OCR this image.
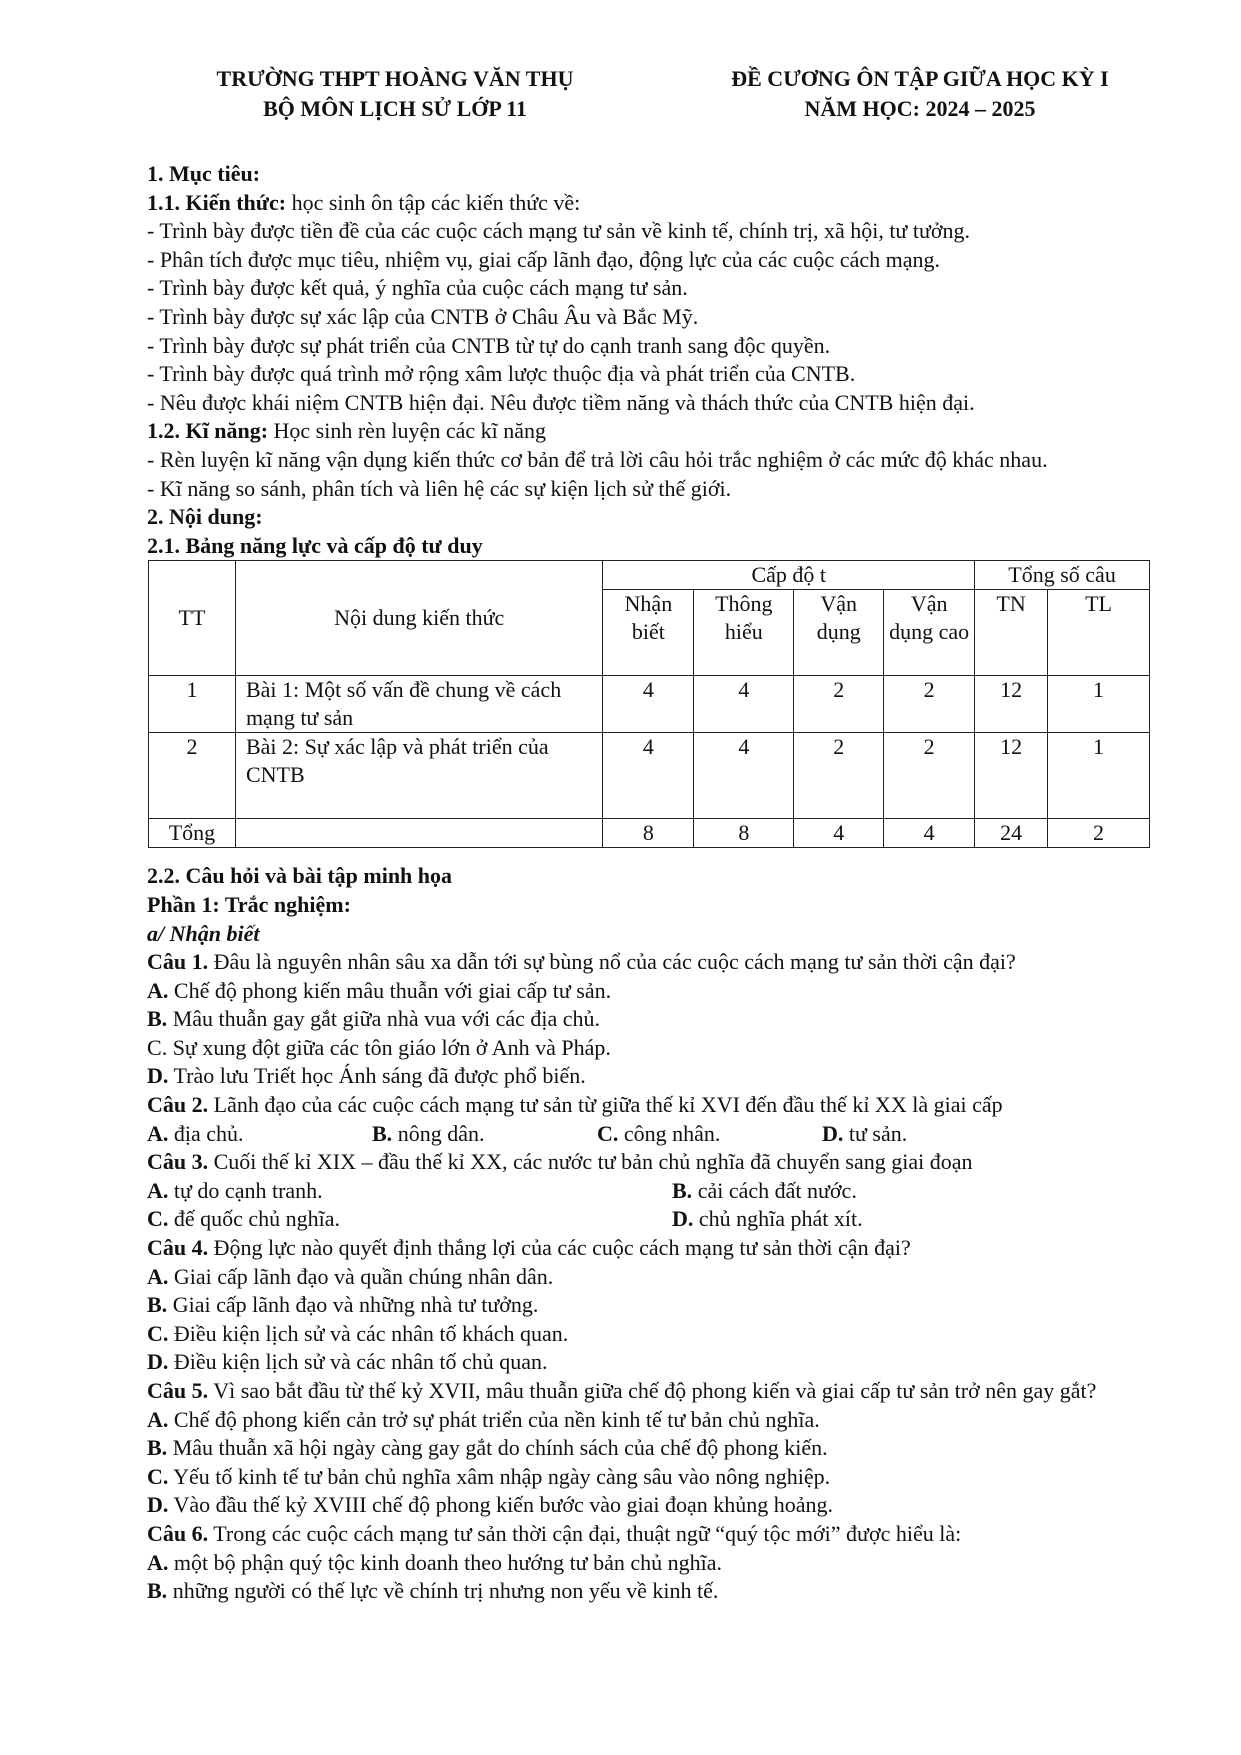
TRƯỜNG THPT HOÀNG VĂN THỤ
BỘ MÔN LỊCH SỬ LỚP 11
ĐỀ CƯƠNG ÔN TẬP GIỮA HỌC KỲ I
NĂM HỌC: 2024 – 2025

1. Mục tiêu:

1.1. Kiến thức: học sinh ôn tập các kiến thức về:

- Trình bày được tiền đề của các cuộc cách mạng tư sản về kinh tế, chính trị, xã hội, tư tưởng.

- Phân tích được mục tiêu, nhiệm vụ, giai cấp lãnh đạo, động lực của các cuộc cách mạng.

- Trình bày được kết quả, ý nghĩa của cuộc cách mạng tư sản.

- Trình bày được sự xác lập của CNTB ở Châu Âu và Bắc Mỹ.

- Trình bày được sự phát triển của CNTB từ tự do cạnh tranh sang độc quyền.

- Trình bày được quá trình mở rộng xâm lược thuộc địa và phát triển của CNTB.

- Nêu được khái niệm CNTB hiện đại. Nêu được tiềm năng và thách thức của CNTB hiện đại.

1.2. Kĩ năng: Học sinh rèn luyện các kĩ năng

- Rèn luyện kĩ năng vận dụng kiến thức cơ bản để trả lời câu hỏi trắc nghiệm ở các mức độ khác nhau.

- Kĩ năng so sánh, phân tích và liên hệ các sự kiện lịch sử thế giới.

2. Nội dung:

2.1. Bảng năng lực và cấp độ tư duy

TT	Nội dung kiến thức	Cấp độ t				Tổng số câu	
		Nhận biết	Thông hiểu	Vận dụng	Vận dụng cao	TN	TL
1	Bài 1: Một số vấn đề chung về cách mạng tư sản	4	4	2	2	12	1
2	Bài 2: Sự xác lập và phát triển của CNTB	4	4	2	2	12	1
Tổng		8	8	4	4	24	2

2.2. Câu hỏi và bài tập minh họa

Phần 1: Trắc nghiệm:

a/ Nhận biết

Câu 1. Đâu là nguyên nhân sâu xa dẫn tới sự bùng nổ của các cuộc cách mạng tư sản thời cận đại?

A. Chế độ phong kiến mâu thuẫn với giai cấp tư sản.

B. Mâu thuẫn gay gắt giữa nhà vua với các địa chủ.

C. Sự xung đột giữa các tôn giáo lớn ở Anh và Pháp.

D. Trào lưu Triết học Ánh sáng đã được phổ biến.

Câu 2. Lãnh đạo của các cuộc cách mạng tư sản từ giữa thế kỉ XVI đến đầu thế kỉ XX là giai cấp

A. địa chủ.	B. nông dân.	C. công nhân.	D. tư sản.

Câu 3. Cuối thế kỉ XIX – đầu thế kỉ XX, các nước tư bản chủ nghĩa đã chuyển sang giai đoạn

A. tự do cạnh tranh.	B. cải cách đất nước.

C. đế quốc chủ nghĩa.	D. chủ nghĩa phát xít.

Câu 4. Động lực nào quyết định thắng lợi của các cuộc cách mạng tư sản thời cận đại?

A. Giai cấp lãnh đạo và quần chúng nhân dân.

B. Giai cấp lãnh đạo và những nhà tư tưởng.

C. Điều kiện lịch sử và các nhân tố khách quan.

D. Điều kiện lịch sử và các nhân tố chủ quan.

Câu 5. Vì sao bắt đầu từ thế kỷ XVII, mâu thuẫn giữa chế độ phong kiến và giai cấp tư sản trở nên gay gắt?

A. Chế độ phong kiến cản trở sự phát triển của nền kinh tế tư bản chủ nghĩa.

B. Mâu thuẫn xã hội ngày càng gay gắt do chính sách của chế độ phong kiến.

C. Yếu tố kinh tế tư bản chủ nghĩa xâm nhập ngày càng sâu vào nông nghiệp.

D. Vào đầu thế kỷ XVIII chế độ phong kiến bước vào giai đoạn khủng hoảng.

Câu 6. Trong các cuộc cách mạng tư sản thời cận đại, thuật ngữ “quý tộc mới” được hiểu là:

A. một bộ phận quý tộc kinh doanh theo hướng tư bản chủ nghĩa.

B. những người có thế lực về chính trị nhưng non yếu về kinh tế.
